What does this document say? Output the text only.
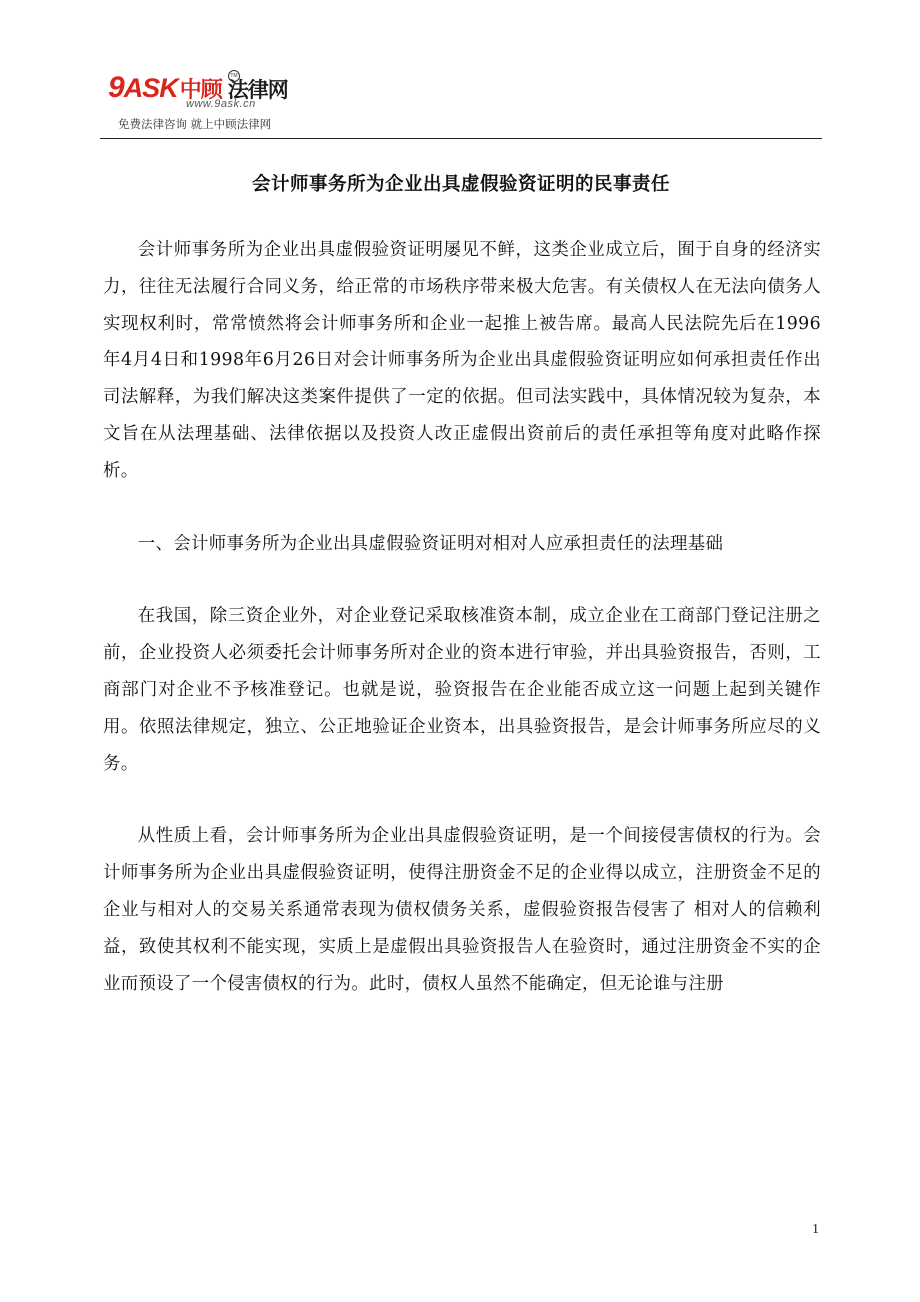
9ASK中顾 法律网
TM
www.9ask.cn
免费法律咨询 就上中顾法律网
会计师事务所为企业出具虚假验资证明的民事责任

会计师事务所为企业出具虚假验资证明屡见不鲜，这类企业成立后，囿于自身的经济实力，往往无法履行合同义务，给正常的市场秩序带来极大危害。有关债权人在无法向债务人实现权利时，常常愤然将会计师事务所和企业一起推上被告席。最高人民法院先后在1996年4月4日和1998年6月26日对会计师事务所为企业出具虚假验资证明应如何承担责任作出司法解释，为我们解决这类案件提供了一定的依据。但司法实践中，具体情况较为复杂，本文旨在从法理基础、法律依据以及投资人改正虚假出资前后的责任承担等角度对此略作探析。

一、会计师事务所为企业出具虚假验资证明对相对人应承担责任的法理基础

在我国，除三资企业外，对企业登记采取核准资本制，成立企业在工商部门登记注册之前，企业投资人必须委托会计师事务所对企业的资本进行审验，并出具验资报告，否则，工商部门对企业不予核准登记。也就是说，验资报告在企业能否成立这一问题上起到关键作用。依照法律规定，独立、公正地验证企业资本，出具验资报告，是会计师事务所应尽的义务。

从性质上看，会计师事务所为企业出具虚假验资证明，是一个间接侵害债权的行为。会计师事务所为企业出具虚假验资证明，使得注册资金不足的企业得以成立，注册资金不足的企业与相对人的交易关系通常表现为债权债务关系，虚假验资报告侵害了 相对人的信赖利益，致使其权利不能实现，实质上是虚假出具验资报告人在验资时，通过注册资金不实的企业而预设了一个侵害债权的行为。此时，债权人虽然不能确定，但无论谁与注册

1
